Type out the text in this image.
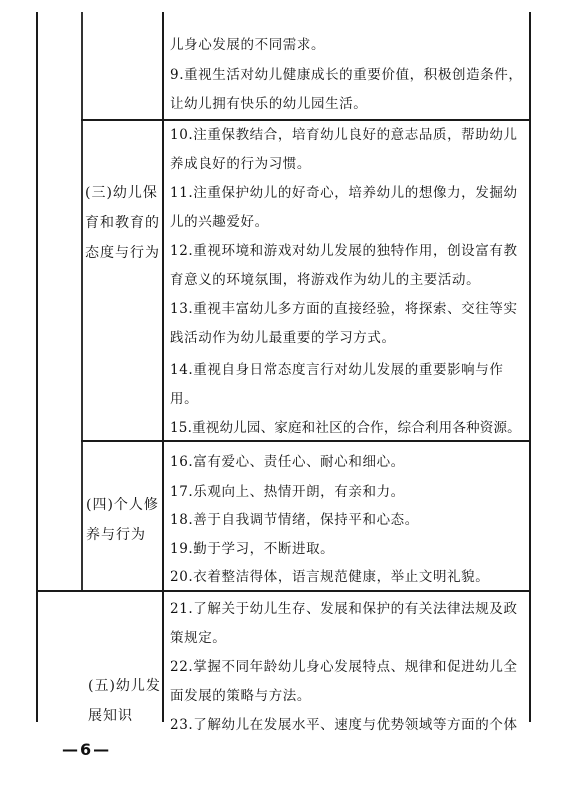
儿身心发展的不同需求。
9.重视生活对幼儿健康成长的重要价值，积极创造条件，
让幼儿拥有快乐的幼儿园生活。
(三)幼儿保
育和教育的
态度与行为
10.注重保教结合，培育幼儿良好的意志品质，帮助幼儿
养成良好的行为习惯。
11.注重保护幼儿的好奇心，培养幼儿的想像力，发掘幼
儿的兴趣爱好。
12.重视环境和游戏对幼儿发展的独特作用，创设富有教
育意义的环境氛围，将游戏作为幼儿的主要活动。
13.重视丰富幼儿多方面的直接经验，将探索、交往等实
践活动作为幼儿最重要的学习方式。
14.重视自身日常态度言行对幼儿发展的重要影响与作
用。
15.重视幼儿园、家庭和社区的合作，综合利用各种资源。
(四)个人修
养与行为
16.富有爱心、责任心、耐心和细心。
17.乐观向上、热情开朗，有亲和力。
18.善于自我调节情绪，保持平和心态。
19.勤于学习，不断进取。
20.衣着整洁得体，语言规范健康，举止文明礼貌。
(五)幼儿发
展知识
21.了解关于幼儿生存、发展和保护的有关法律法规及政
策规定。
22.掌握不同年龄幼儿身心发展特点、规律和促进幼儿全
面发展的策略与方法。
23.了解幼儿在发展水平、速度与优势领域等方面的个体
—6—
